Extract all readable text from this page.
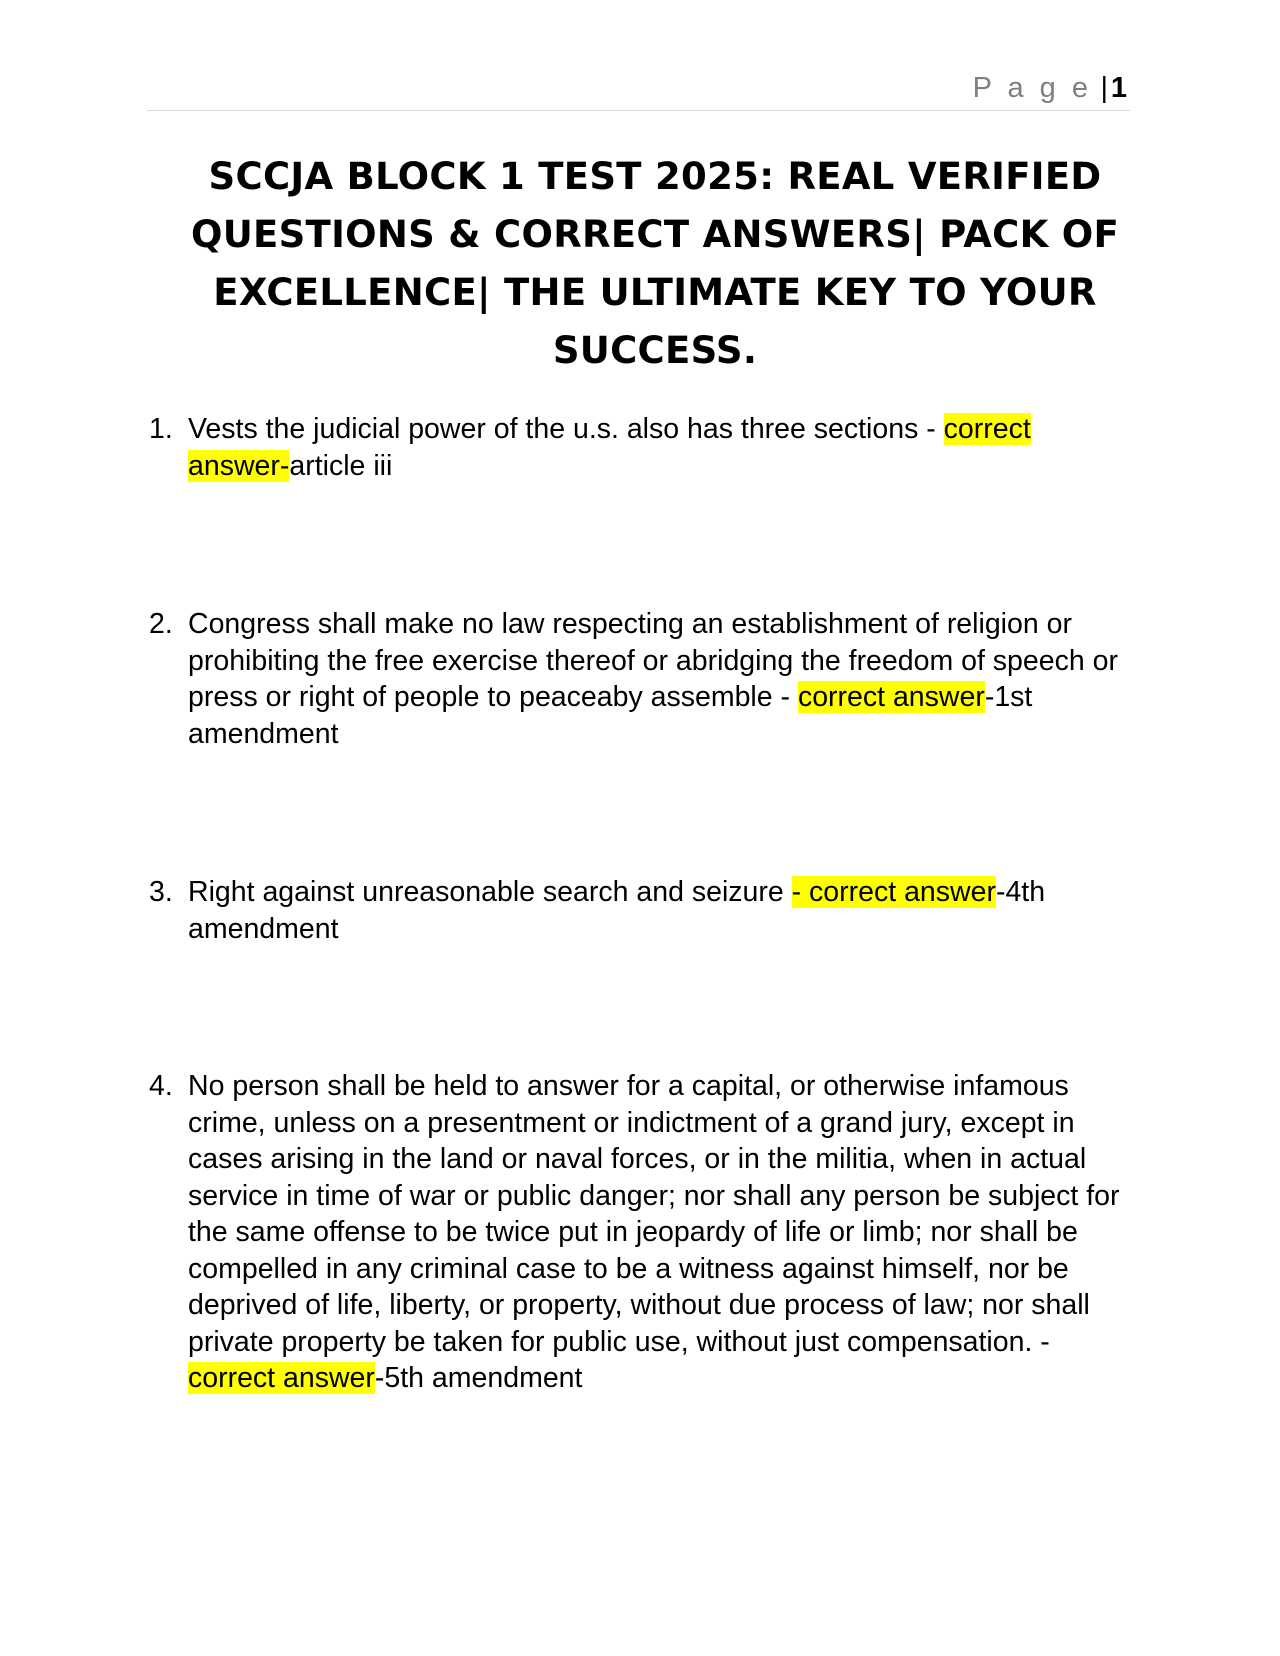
P a g e | 1
SCCJA BLOCK 1 TEST 2025: REAL VERIFIED QUESTIONS & CORRECT ANSWERS| PACK OF EXCELLENCE| THE ULTIMATE KEY TO YOUR SUCCESS.
1. Vests the judicial power of the u.s. also has three sections - correct answer-article iii
2. Congress shall make no law respecting an establishment of religion or prohibiting the free exercise thereof or abridging the freedom of speech or press or right of people to peaceaby assemble - correct answer-1st amendment
3. Right against unreasonable search and seizure - correct answer-4th amendment
4. No person shall be held to answer for a capital, or otherwise infamous crime, unless on a presentment or indictment of a grand jury, except in cases arising in the land or naval forces, or in the militia, when in actual service in time of war or public danger; nor shall any person be subject for the same offense to be twice put in jeopardy of life or limb; nor shall be compelled in any criminal case to be a witness against himself, nor be deprived of life, liberty, or property, without due process of law; nor shall private property be taken for public use, without just compensation. - correct answer-5th amendment
